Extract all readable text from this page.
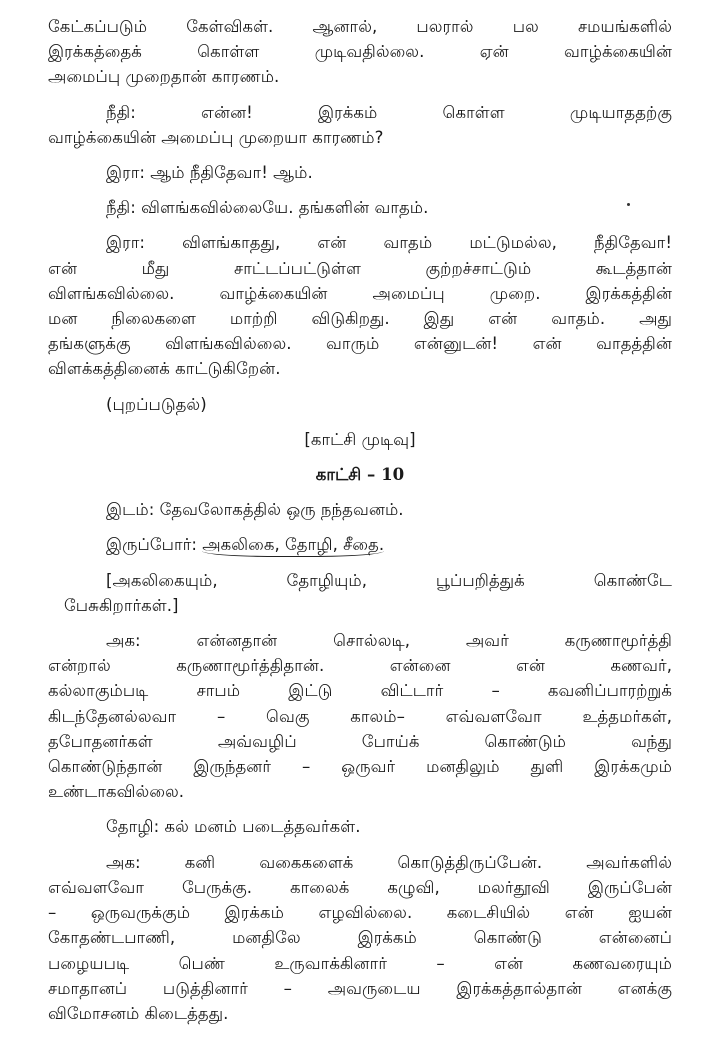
கேட்கப்படும் கேள்விகள். ஆனால், பலரால் பல சமயங்களில்
இரக்கத்தைக் கொள்ள முடிவதில்லை. ஏன் வாழ்க்கையின்
அமைப்பு முறைதான் காரணம்.
நீதி: என்ன! இரக்கம் கொள்ள முடியாததற்கு
வாழ்க்கையின் அமைப்பு முறையா காரணம்?
இரா: ஆம் நீதிதேவா! ஆம்.
நீதி: விளங்கவில்லையே. தங்களின் வாதம்.
இரா: விளங்காதது, என் வாதம் மட்டுமல்ல, நீதிதேவா!
என் மீது சாட்டப்பட்டுள்ள குற்றச்சாட்டும் கூடத்தான்
விளங்கவில்லை. வாழ்க்கையின் அமைப்பு முறை. இரக்கத்தின்
மன நிலைகளை மாற்றி விடுகிறது. இது என் வாதம். அது
தங்களுக்கு விளங்கவில்லை. வாரும் என்னுடன்! என் வாதத்தின்
விளக்கத்தினைக் காட்டுகிறேன்.
(புறப்படுதல்)
[காட்சி முடிவு]
காட்சி – 10
இடம்: தேவலோகத்தில் ஒரு நந்தவனம்.
இருப்போர்: அகலிகை, தோழி, சீதை.
[அகலிகையும், தோழியும், பூப்பறித்துக் கொண்டே
பேசுகிறார்கள்.]
அக: என்னதான் சொல்லடி, அவர் கருணாமூர்த்தி
என்றால் கருணாமூர்த்திதான். என்னை என் கணவர்,
கல்லாகும்படி சாபம் இட்டு விட்டார் – கவனிப்பாரற்றுக்
கிடந்தேனல்லவா – வெகு காலம்– எவ்வளவோ உத்தமர்கள்,
தபோதனர்கள் அவ்வழிப் போய்க் கொண்டும் வந்து
கொண்டுந்தான் இருந்தனர் – ஒருவர் மனதிலும் துளி இரக்கமும்
உண்டாகவில்லை.
தோழி: கல் மனம் படைத்தவர்கள்.
அக: கனி வகைகளைக் கொடுத்திருப்பேன். அவர்களில்
எவ்வளவோ பேருக்கு. காலைக் கழுவி, மலர்தூவி இருப்பேன்
– ஒருவருக்கும் இரக்கம் எழவில்லை. கடைசியில் என் ஐயன்
கோதண்டபாணி, மனதிலே இரக்கம் கொண்டு என்னைப்
பழையபடி பெண் உருவாக்கினார் – என் கணவரையும்
சமாதானப் படுத்தினார் – அவருடைய இரக்கத்தால்தான் எனக்கு
விமோசனம் கிடைத்தது.
